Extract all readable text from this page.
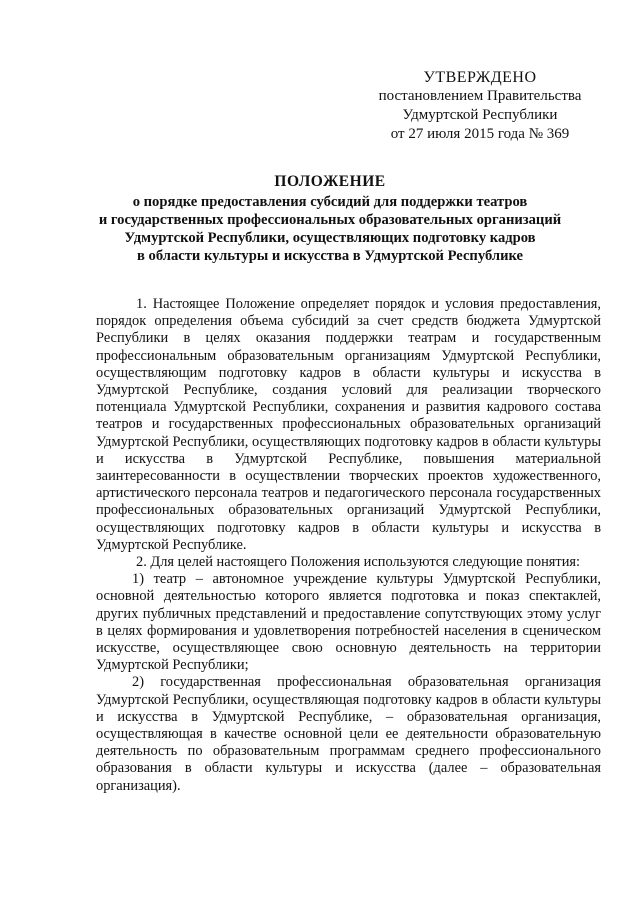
УТВЕРЖДЕНО
постановлением Правительства
Удмуртской Республики
от 27 июля 2015 года № 369
ПОЛОЖЕНИЕ
о порядке предоставления субсидий для поддержки театров
и государственных профессиональных образовательных организаций
Удмуртской Республики, осуществляющих подготовку кадров
в области культуры и искусства в Удмуртской Республике

1. Настоящее Положение определяет порядок и условия предоставления, порядок определения объема субсидий за счет средств бюджета Удмуртской Республики в целях оказания поддержки театрам и государственным профессиональным образовательным организациям Удмуртской Республики, осуществляющим подготовку кадров в области культуры и искусства в Удмуртской Республике, создания условий для реализации творческого потенциала Удмуртской Республики, сохранения и развития кадрового состава театров и государственных профессиональных образовательных организаций Удмуртской Республики, осуществляющих подготовку кадров в области культуры и искусства в Удмуртской Республике, повышения материальной заинтересованности в осуществлении творческих проектов художественного, артистического персонала театров и педагогического персонала государственных профессиональных образовательных организаций Удмуртской Республики, осуществляющих подготовку кадров в области культуры и искусства в Удмуртской Республике.

2. Для целей настоящего Положения используются следующие понятия:

1) театр – автономное учреждение культуры Удмуртской Республики, основной деятельностью которого является подготовка и показ спектаклей, других публичных представлений и предоставление сопутствующих этому услуг в целях формирования и удовлетворения потребностей населения в сценическом искусстве, осуществляющее свою основную деятельность на территории Удмуртской Республики;

2) государственная профессиональная образовательная организация Удмуртской Республики, осуществляющая подготовку кадров в области культуры и искусства в Удмуртской Республике, – образовательная организация, осуществляющая в качестве основной цели ее деятельности образовательную деятельность по образовательным программам среднего профессионального образования в области культуры и искусства (далее – образовательная организация).
